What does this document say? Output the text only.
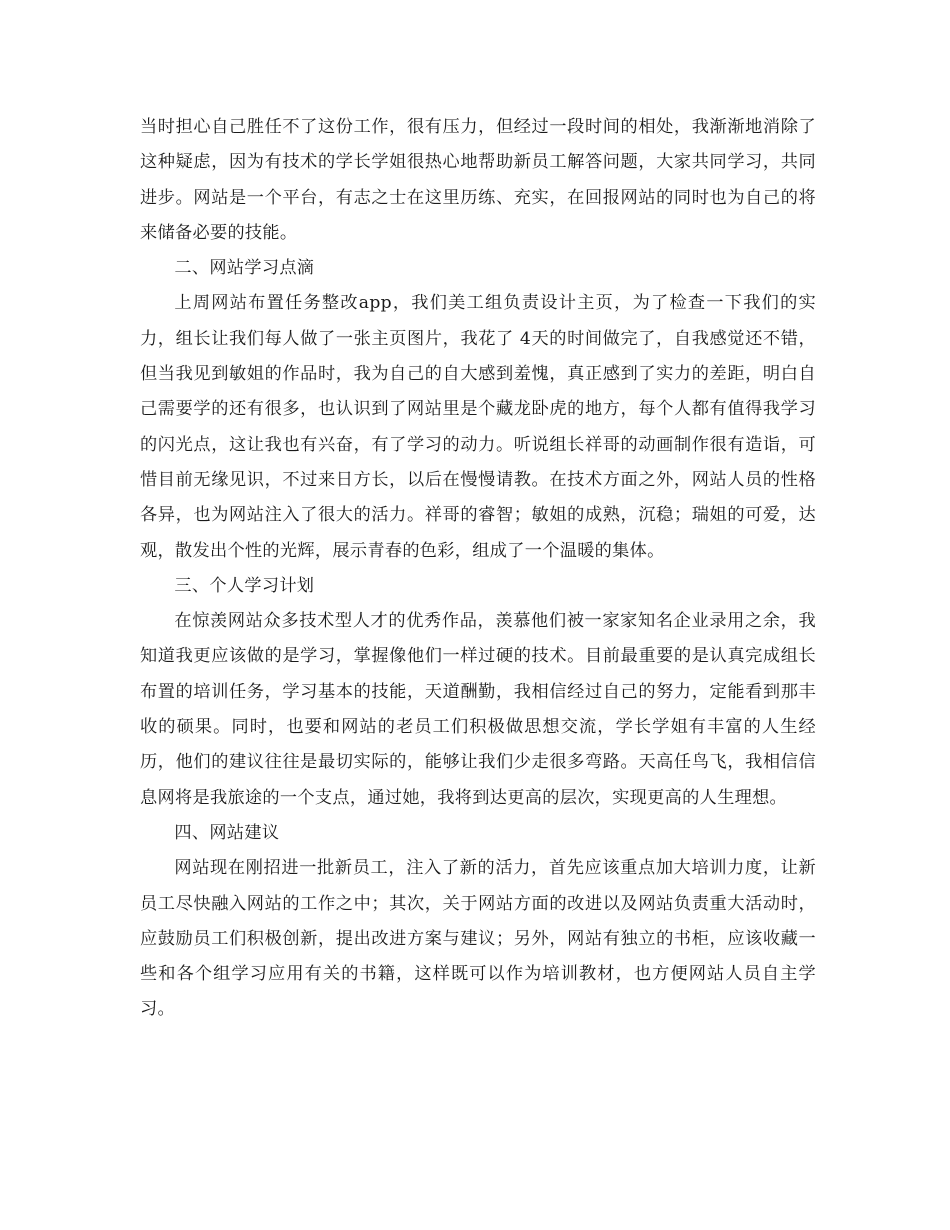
当时担心自己胜任不了这份工作，很有压力，但经过一段时间的相处，我渐渐地消除了这种疑虑，因为有技术的学长学姐很热心地帮助新员工解答问题，大家共同学习，共同进步。网站是一个平台，有志之士在这里历练、充实，在回报网站的同时也为自己的将来储备必要的技能。

二、网站学习点滴

上周网站布置任务整改app，我们美工组负责设计主页，为了检查一下我们的实力，组长让我们每人做了一张主页图片，我花了 4天的时间做完了，自我感觉还不错，但当我见到敏姐的作品时，我为自己的自大感到羞愧，真正感到了实力的差距，明白自己需要学的还有很多，也认识到了网站里是个藏龙卧虎的地方，每个人都有值得我学习的闪光点，这让我也有兴奋，有了学习的动力。听说组长祥哥的动画制作很有造诣，可惜目前无缘见识，不过来日方长，以后在慢慢请教。在技术方面之外，网站人员的性格各异，也为网站注入了很大的活力。祥哥的睿智；敏姐的成熟，沉稳；瑞姐的可爱，达观，散发出个性的光辉，展示青春的色彩，组成了一个温暖的集体。

三、个人学习计划

在惊羡网站众多技术型人才的优秀作品，羡慕他们被一家家知名企业录用之余，我知道我更应该做的是学习，掌握像他们一样过硬的技术。目前最重要的是认真完成组长布置的培训任务，学习基本的技能，天道酬勤，我相信经过自己的努力，定能看到那丰收的硕果。同时，也要和网站的老员工们积极做思想交流，学长学姐有丰富的人生经历，他们的建议往往是最切实际的，能够让我们少走很多弯路。天高任鸟飞，我相信信息网将是我旅途的一个支点，通过她，我将到达更高的层次，实现更高的人生理想。

四、网站建议

网站现在刚招进一批新员工，注入了新的活力，首先应该重点加大培训力度，让新员工尽快融入网站的工作之中；其次，关于网站方面的改进以及网站负责重大活动时，应鼓励员工们积极创新，提出改进方案与建议；另外，网站有独立的书柜，应该收藏一些和各个组学习应用有关的书籍，这样既可以作为培训教材，也方便网站人员自主学习。
